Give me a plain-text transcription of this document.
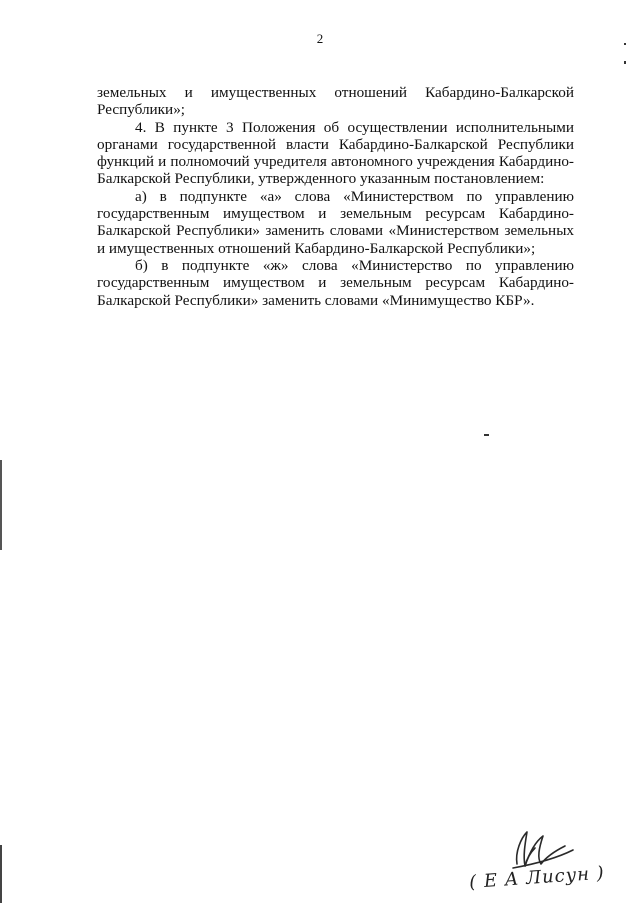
2

земельных и имущественных отношений Кабардино-Балкарской Республики»;

4. В пункте 3 Положения об осуществлении исполнительными органами государственной власти Кабардино-Балкарской Республики функций и полномочий учредителя автономного учреждения Кабардино-Балкарской Республики, утвержденного указанным постановлением:

а) в подпункте «а» слова «Министерством по управлению государственным имуществом и земельным ресурсам Кабардино-Балкарской Республики» заменить словами «Министерством земельных и имущественных отношений Кабардино-Балкарской Республики»;

б) в подпункте «ж» слова «Министерство по управлению государственным имуществом и земельным ресурсам Кабардино-Балкарской Республики» заменить словами «Минимущество КБР».

( Е А Лисун )
